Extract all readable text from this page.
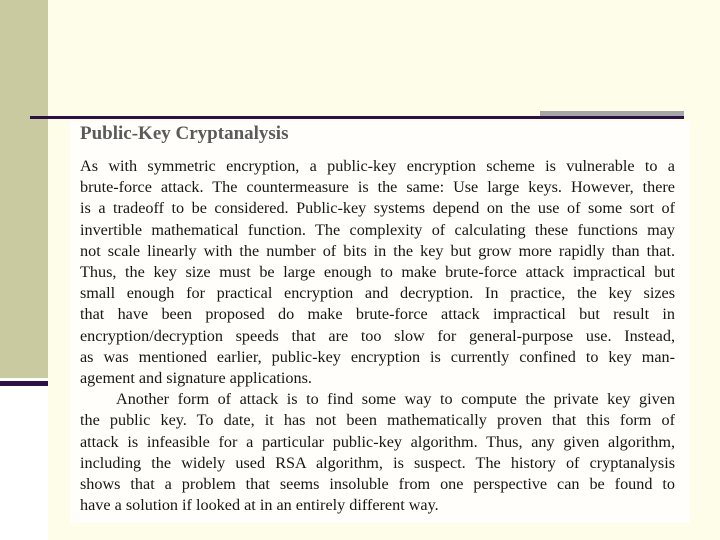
Public-Key Cryptanalysis
As with symmetric encryption, a public-key encryption scheme is vulnerable to a
brute-force attack. The countermeasure is the same: Use large keys. However, there
is a tradeoff to be considered. Public-key systems depend on the use of some sort of
invertible mathematical function. The complexity of calculating these functions may
not scale linearly with the number of bits in the key but grow more rapidly than that.
Thus, the key size must be large enough to make brute-force attack impractical but
small enough for practical encryption and decryption. In practice, the key sizes
that have been proposed do make brute-force attack impractical but result in
encryption/decryption speeds that are too slow for general-purpose use. Instead,
as was mentioned earlier, public-key encryption is currently confined to key man-
agement and signature applications.
Another form of attack is to find some way to compute the private key given
the public key. To date, it has not been mathematically proven that this form of
attack is infeasible for a particular public-key algorithm. Thus, any given algorithm,
including the widely used RSA algorithm, is suspect. The history of cryptanalysis
shows that a problem that seems insoluble from one perspective can be found to
have a solution if looked at in an entirely different way.
